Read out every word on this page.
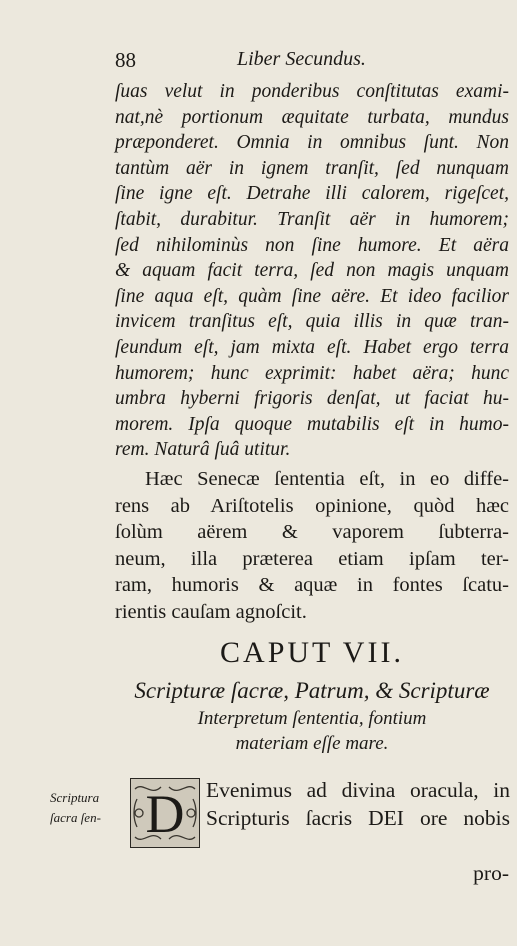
88	Liber Secundus.
ſuas velut in ponderibus conſtitutas exami-
nat,nè portionum æquitate turbata, mundus
præponderet. Omnia in omnibus ſunt. Non
tantùm aër in ignem tranſit, ſed nunquam
ſine igne eſt. Detrahe illi calorem, rigeſcet,
ſtabit, durabitur. Tranſit aër in humorem;
ſed nihilominùs non ſine humore. Et aëra
& aquam facit terra, ſed non magis unquam
ſine aqua eſt, quàm ſine aëre. Et ideo facilior
invicem tranſitus eſt, quia illis in quæ tran-
ſeundum eſt, jam mixta eſt. Habet ergo terra
humorem; hunc exprimit: habet aëra; hunc
umbra hyberni frigoris denſat, ut faciat hu-
morem. Ipſa quoque mutabilis eſt in humo-
rem. Naturâ ſuâ utitur.
Hæc Senecæ ſententia eſt, in eo diffe-
rens ab Ariſtotelis opinione, quòd hæc
ſolùm aërem & vaporem ſubterra-
neum, illa præterea etiam ipſam ter-
ram, humoris & aquæ in fontes ſcatu-
rientis cauſam agnoſcit.
CAPUT VII.
Scripturæ ſacræ, Patrum, & Scripturæ
Interpretum ſententia, fontium
materiam eſſe mare.
Scriptura
ſacra ſen- D	Evenimus ad divina oracula, in
Scripturis ſacris DEI ore nobis
pro-
